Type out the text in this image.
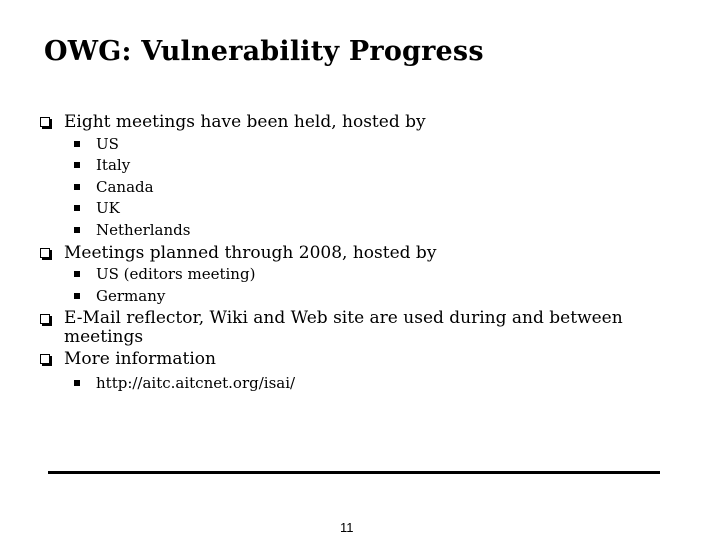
OWG: Vulnerability Progress
Eight meetings have been held, hosted by
US
Italy
Canada
UK
Netherlands
Meetings planned through 2008, hosted by
US (editors meeting)
Germany
E-Mail reflector, Wiki and Web site are used during and between meetings
More information
http://aitc.aitcnet.org/isai/
11
